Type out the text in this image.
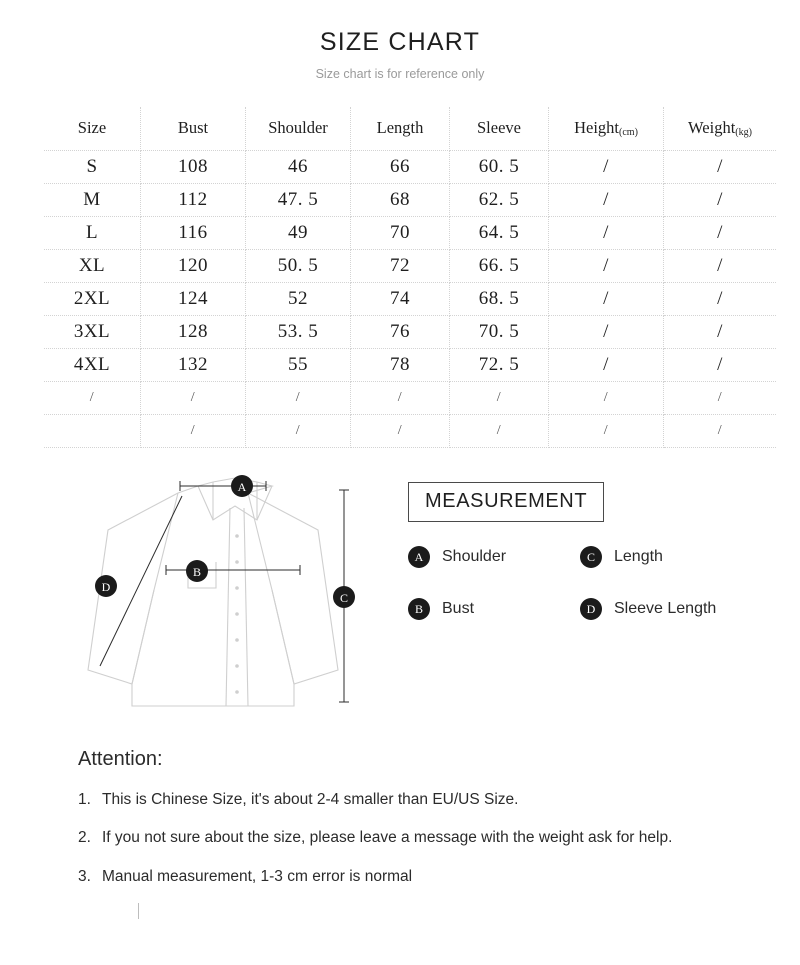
SIZE CHART
Size chart is for reference only
Size	Bust	Shoulder	Length	Sleeve	Height(cm)	Weight(kg)
S	108	46	66	60. 5	/	/
M	112	47. 5	68	62. 5	/	/
L	116	49	70	64. 5	/	/
XL	120	50. 5	72	66. 5	/	/
2XL	124	52	74	68. 5	/	/
3XL	128	53. 5	76	70. 5	/	/
4XL	132	55	78	72. 5	/	/
/	/	/	/	/	/	/
	/	/	/	/	/	/
A
B
C
D
MEASUREMENT
A	Shoulder	C	Length
B	Bust	D	Sleeve Length
Attention:
1. This is Chinese Size, it's about 2-4 smaller than EU/US Size.
2. If you not sure about the size, please leave a message with the weight ask for help.
3. Manual measurement, 1-3 cm error is normal
